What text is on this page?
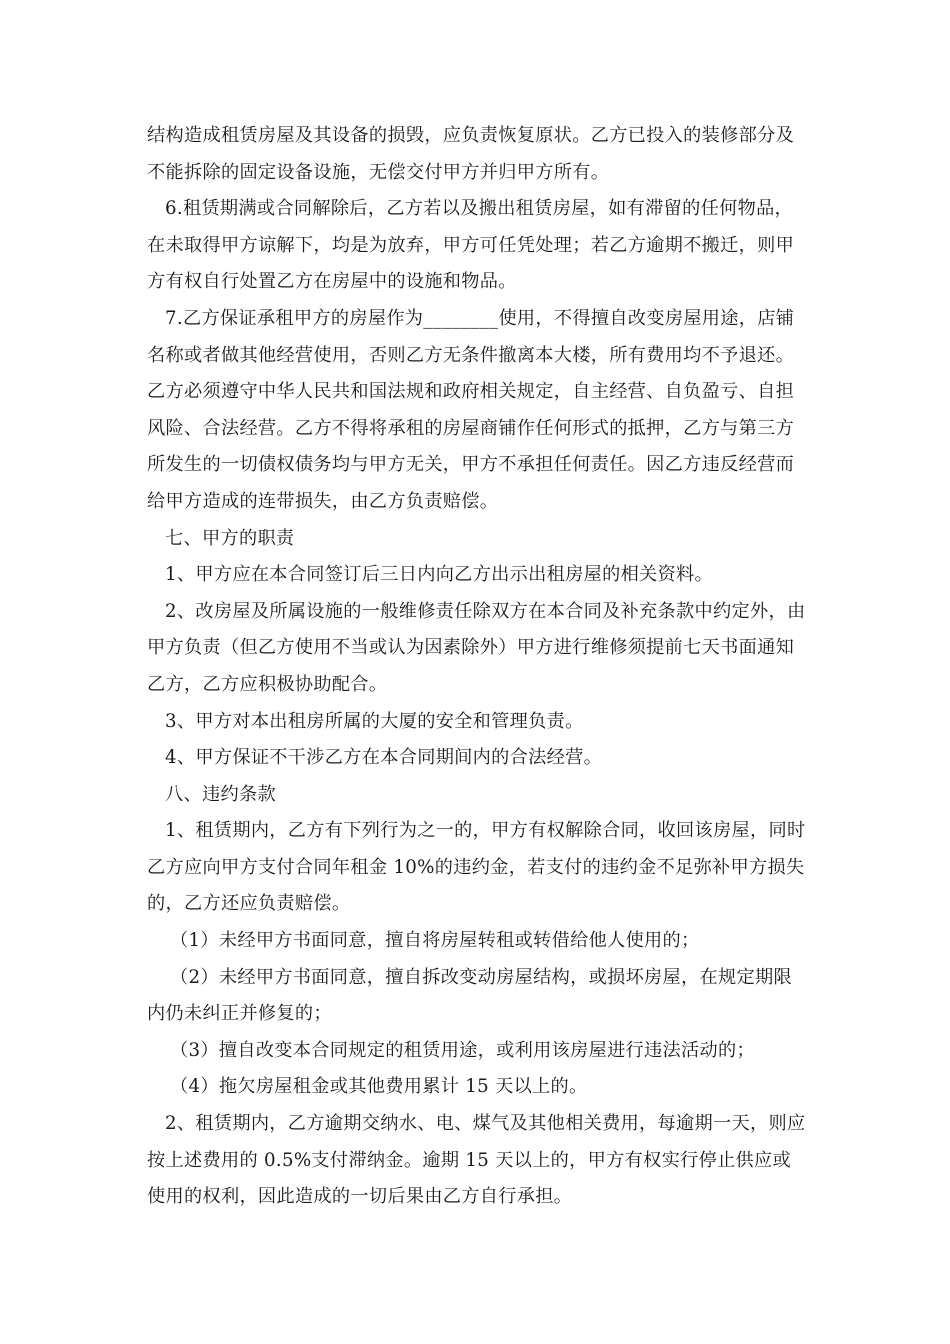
结构造成租赁房屋及其设备的损毁，应负责恢复原状。乙方已投入的装修部分及不能拆除的固定设备设施，无偿交付甲方并归甲方所有。

6.租赁期满或合同解除后，乙方若以及搬出租赁房屋，如有滞留的任何物品，在未取得甲方谅解下，均是为放弃，甲方可任凭处理；若乙方逾期不搬迁，则甲方有权自行处置乙方在房屋中的设施和物品。

7.乙方保证承租甲方的房屋作为________使用，不得擅自改变房屋用途，店铺名称或者做其他经营使用，否则乙方无条件撤离本大楼，所有费用均不予退还。乙方必须遵守中华人民共和国法规和政府相关规定，自主经营、自负盈亏、自担风险、合法经营。乙方不得将承租的房屋商铺作任何形式的抵押，乙方与第三方所发生的一切债权债务均与甲方无关，甲方不承担任何责任。因乙方违反经营而给甲方造成的连带损失，由乙方负责赔偿。

七、甲方的职责

1、甲方应在本合同签订后三日内向乙方出示出租房屋的相关资料。

2、改房屋及所属设施的一般维修责任除双方在本合同及补充条款中约定外，由甲方负责（但乙方使用不当或认为因素除外）甲方进行维修须提前七天书面通知乙方，乙方应积极协助配合。

3、甲方对本出租房所属的大厦的安全和管理负责。

4、甲方保证不干涉乙方在本合同期间内的合法经营。

八、违约条款

1、租赁期内，乙方有下列行为之一的，甲方有权解除合同，收回该房屋，同时乙方应向甲方支付合同年租金 10%的违约金，若支付的违约金不足弥补甲方损失的，乙方还应负责赔偿。

（1）未经甲方书面同意，擅自将房屋转租或转借给他人使用的；

（2）未经甲方书面同意，擅自拆改变动房屋结构，或损坏房屋，在规定期限内仍未纠正并修复的；

（3）擅自改变本合同规定的租赁用途，或利用该房屋进行违法活动的；

（4）拖欠房屋租金或其他费用累计 15 天以上的。

2、租赁期内，乙方逾期交纳水、电、煤气及其他相关费用，每逾期一天，则应按上述费用的 0.5%支付滞纳金。逾期 15 天以上的，甲方有权实行停止供应或使用的权利，因此造成的一切后果由乙方自行承担。
